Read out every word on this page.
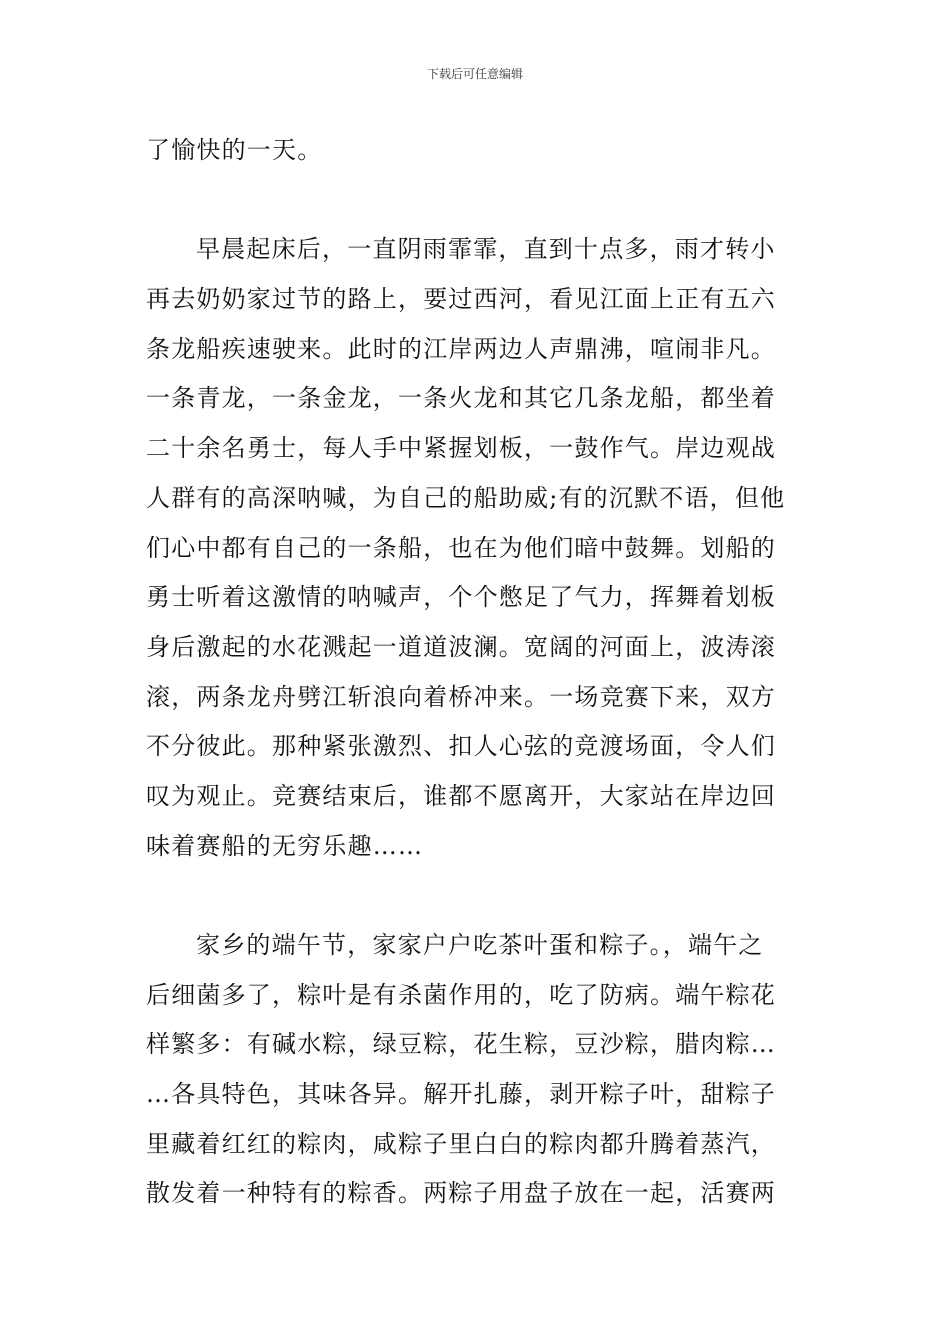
下载后可任意编辑
了愉快的一天。
早晨起床后，一直阴雨霏霏，直到十点多，雨才转小
再去奶奶家过节的路上，要过西河，看见江面上正有五六
条龙船疾速驶来。此时的江岸两边人声鼎沸，喧闹非凡。
一条青龙，一条金龙，一条火龙和其它几条龙船，都坐着
二十余名勇士，每人手中紧握划板，一鼓作气。岸边观战
人群有的高深呐喊，为自己的船助威;有的沉默不语，但他
们心中都有自己的一条船，也在为他们暗中鼓舞。划船的
勇士听着这激情的呐喊声，个个憋足了气力，挥舞着划板
身后激起的水花溅起一道道波澜。宽阔的河面上，波涛滚
滚，两条龙舟劈江斩浪向着桥冲来。一场竞赛下来，双方
不分彼此。那种紧张激烈、扣人心弦的竞渡场面，令人们
叹为观止。竞赛结束后，谁都不愿离开，大家站在岸边回
味着赛船的无穷乐趣……
家乡的端午节，家家户户吃茶叶蛋和粽子。，端午之
后细菌多了，粽叶是有杀菌作用的，吃了防病。端午粽花
样繁多：有碱水粽，绿豆粽，花生粽，豆沙粽，腊肉粽…
…各具特色，其味各异。解开扎藤，剥开粽子叶，甜粽子
里藏着红红的粽肉，咸粽子里白白的粽肉都升腾着蒸汽，
散发着一种特有的粽香。两粽子用盘子放在一起，活赛两
